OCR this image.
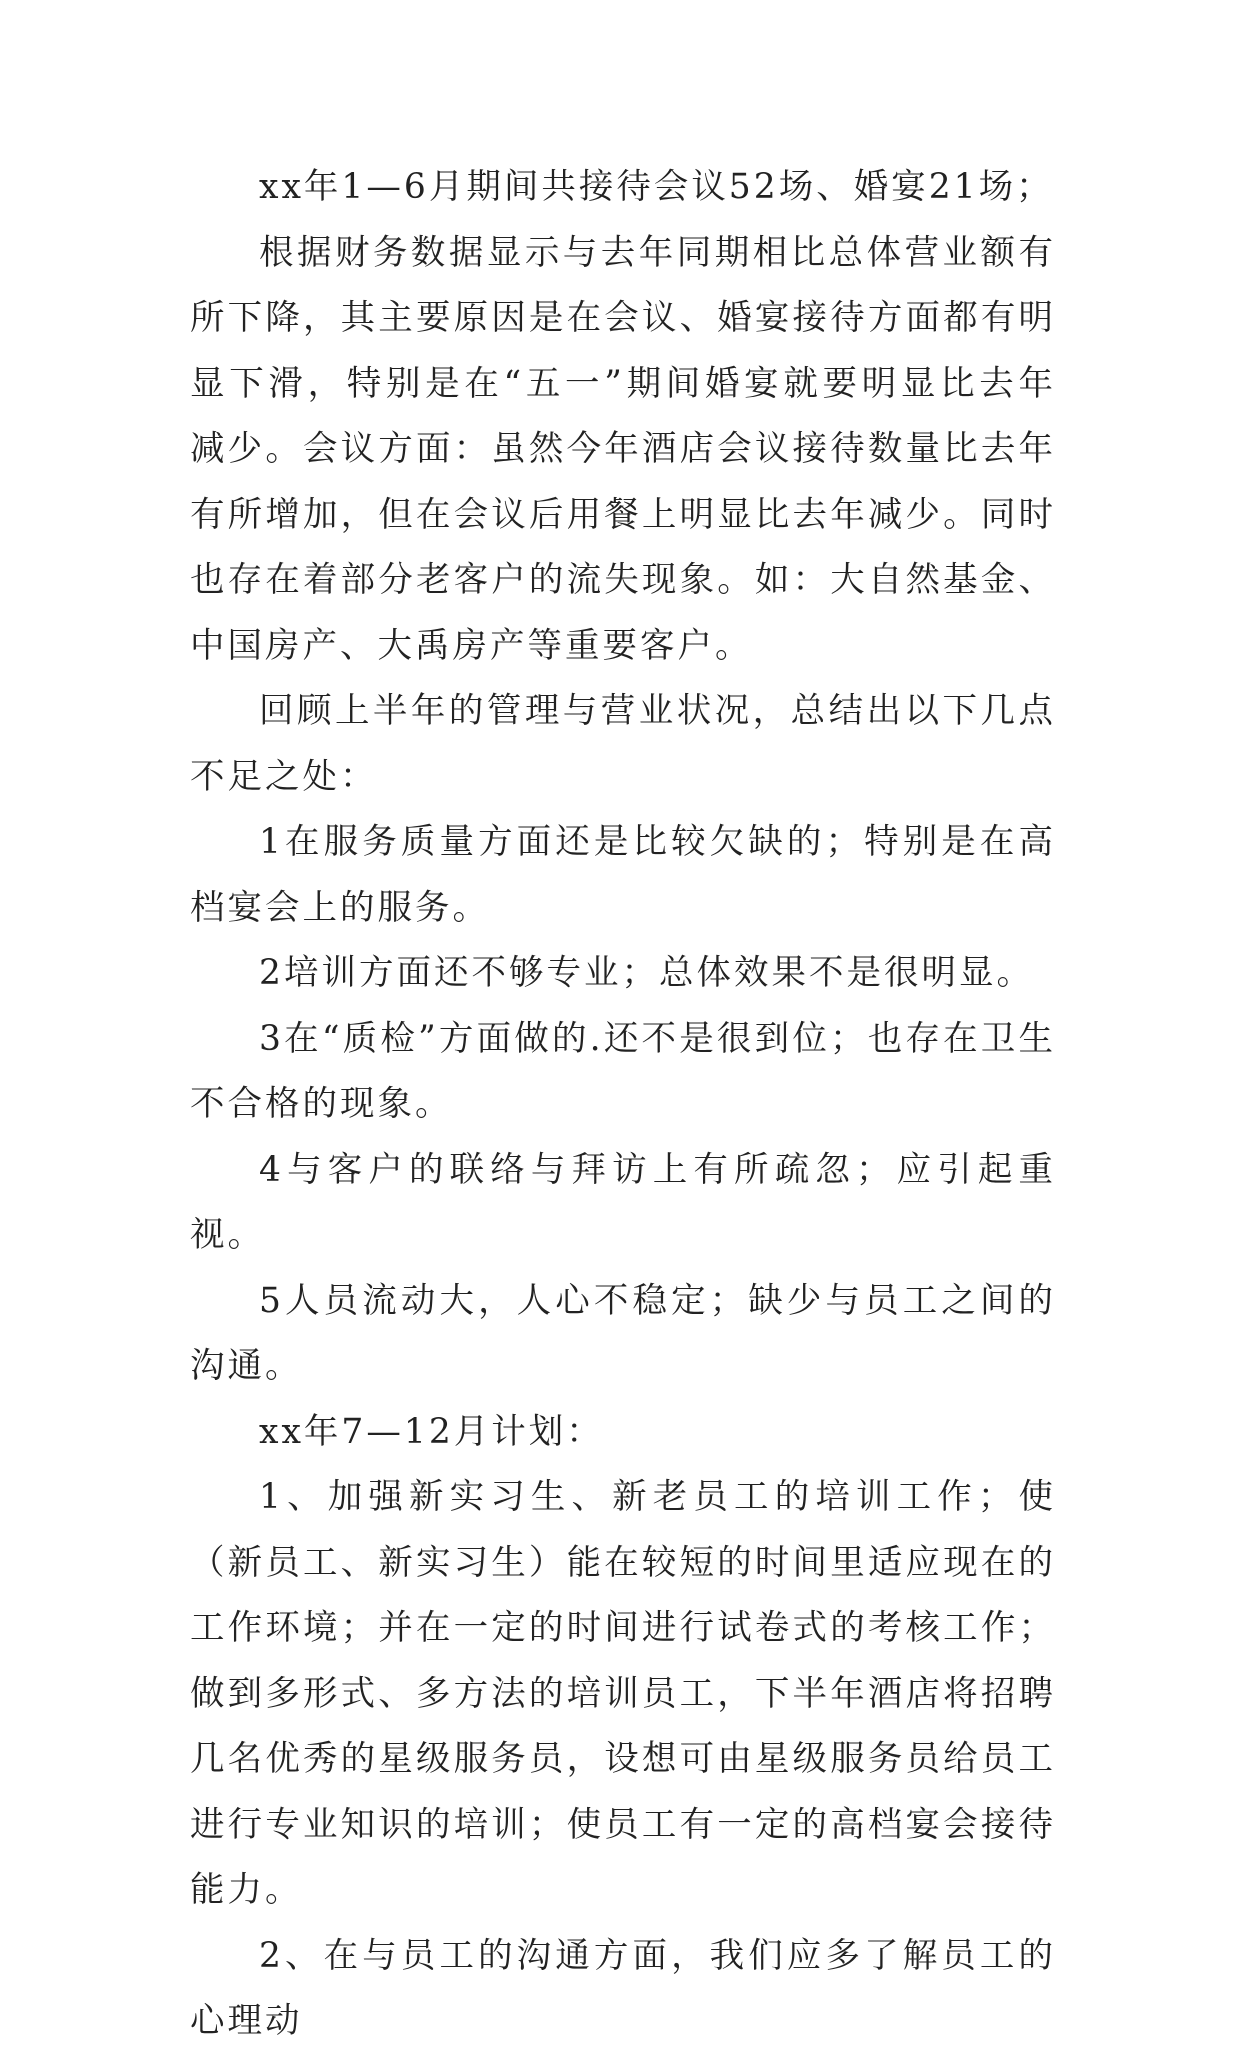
xx年1—6月期间共接待会议52场、婚宴21场；

根据财务数据显示与去年同期相比总体营业额有所下降，其主要原因是在会议、婚宴接待方面都有明显下滑，特别是在“五一”期间婚宴就要明显比去年减少。会议方面：虽然今年酒店会议接待数量比去年有所增加，但在会议后用餐上明显比去年减少。同时也存在着部分老客户的流失现象。如：大自然基金、中国房产、大禹房产等重要客户。

回顾上半年的管理与营业状况，总结出以下几点不足之处：

1在服务质量方面还是比较欠缺的；特别是在高档宴会上的服务。

2培训方面还不够专业；总体效果不是很明显。

3在“质检”方面做的.还不是很到位；也存在卫生不合格的现象。

4与客户的联络与拜访上有所疏忽；应引起重视。

5人员流动大，人心不稳定；缺少与员工之间的沟通。

xx年7—12月计划：

1、加强新实习生、新老员工的培训工作；使（新员工、新实习生）能在较短的时间里适应现在的工作环境；并在一定的时间进行试卷式的考核工作；做到多形式、多方法的培训员工，下半年酒店将招聘几名优秀的星级服务员，设想可由星级服务员给员工进行专业知识的培训；使员工有一定的高档宴会接待能力。

2、在与员工的沟通方面，我们应多了解员工的心理动
